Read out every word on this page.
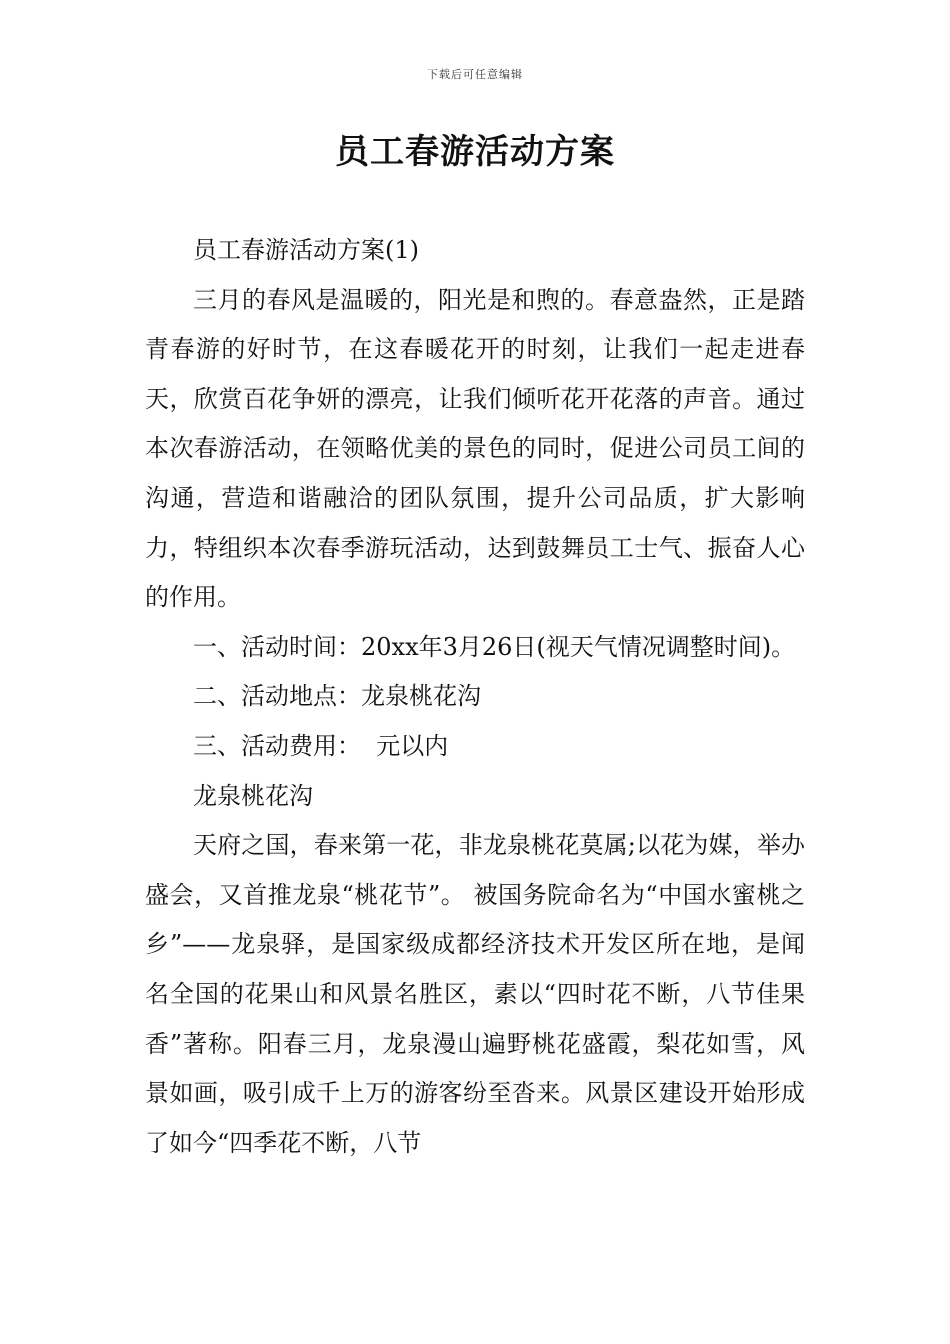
下载后可任意编辑
员工春游活动方案

员工春游活动方案(1)

三月的春风是温暖的，阳光是和煦的。春意盎然，正是踏青春游的好时节，在这春暖花开的时刻，让我们一起走进春天，欣赏百花争妍的漂亮，让我们倾听花开花落的声音。通过本次春游活动，在领略优美的景色的同时，促进公司员工间的沟通，营造和谐融洽的团队氛围，提升公司品质，扩大影响力，特组织本次春季游玩活动，达到鼓舞员工士气、振奋人心的作用。

一、活动时间：20xx年3月26日(视天气情况调整时间)。

二、活动地点：龙泉桃花沟

三、活动费用：  元以内

龙泉桃花沟

天府之国，春来第一花，非龙泉桃花莫属;以花为媒，举办盛会，又首推龙泉“桃花节”。 被国务院命名为“中国水蜜桃之乡”——龙泉驿，是国家级成都经济技术开发区所在地，是闻名全国的花果山和风景名胜区，素以“四时花不断，八节佳果香”著称。阳春三月，龙泉漫山遍野桃花盛霞，梨花如雪，风景如画，吸引成千上万的游客纷至沓来。风景区建设开始形成了如今“四季花不断，八节
